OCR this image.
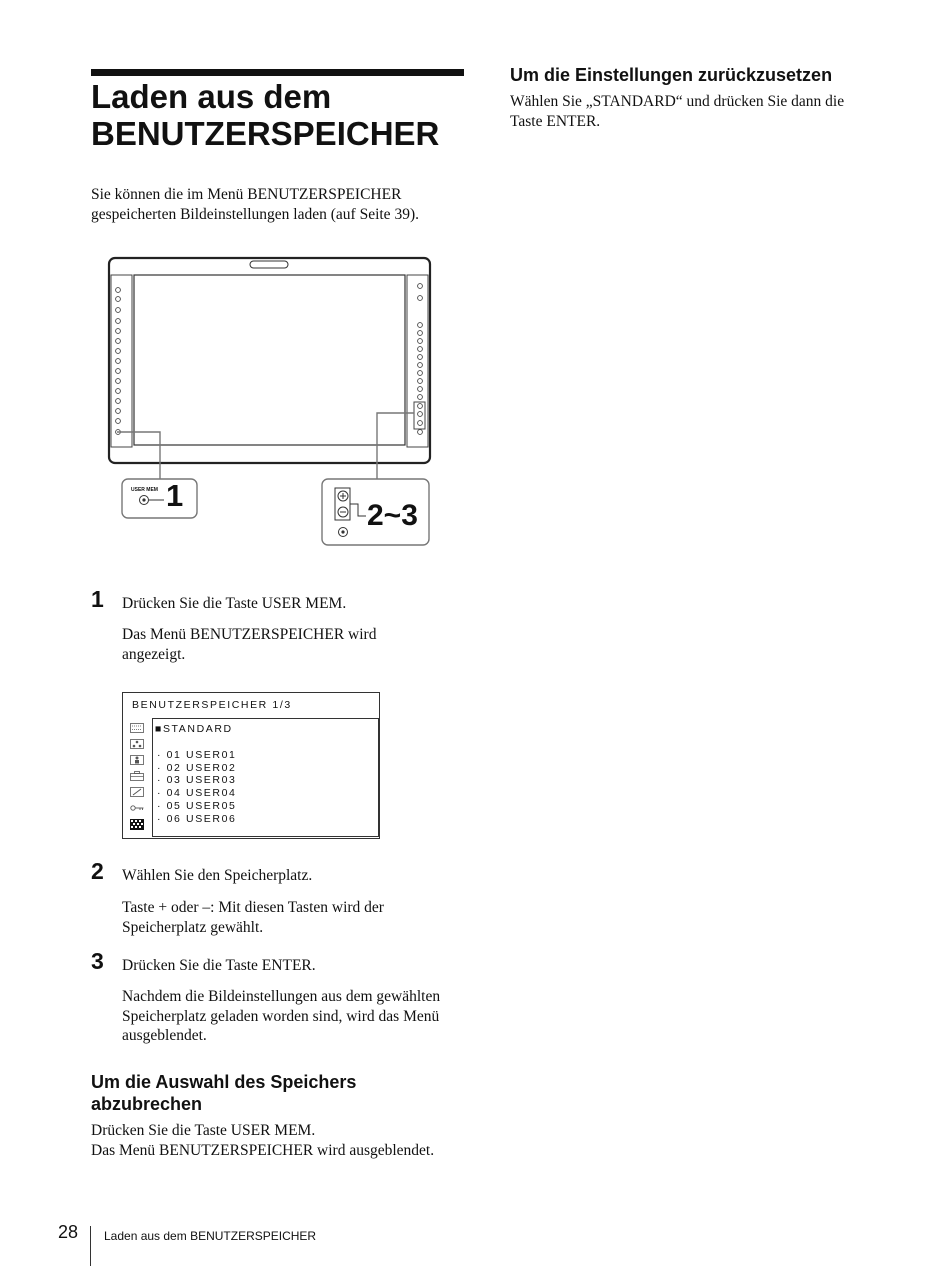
Laden aus dem
BENUTZERSPEICHER
Sie können die im Menü BENUTZERSPEICHER
gespeicherten Bildeinstellungen laden (auf Seite 39).
USER MEM 1
2~3
1 Drücken Sie die Taste USER MEM.
Das Menü BENUTZERSPEICHER wird
angezeigt.
BENUTZERSPEICHER 1/3
■STANDARD
· 01 USER01
· 02 USER02
· 03 USER03
· 04 USER04
· 05 USER05
· 06 USER06
2 Wählen Sie den Speicherplatz.
Taste + oder –: Mit diesen Tasten wird der
Speicherplatz gewählt.
3 Drücken Sie die Taste ENTER.
Nachdem die Bildeinstellungen aus dem gewählten
Speicherplatz geladen worden sind, wird das Menü
ausgeblendet.
Um die Auswahl des Speichers
abzubrechen
Drücken Sie die Taste USER MEM.
Das Menü BENUTZERSPEICHER wird ausgeblendet.
Um die Einstellungen zurückzusetzen
Wählen Sie „STANDARD“ und drücken Sie dann die
Taste ENTER.
28 Laden aus dem BENUTZERSPEICHER
